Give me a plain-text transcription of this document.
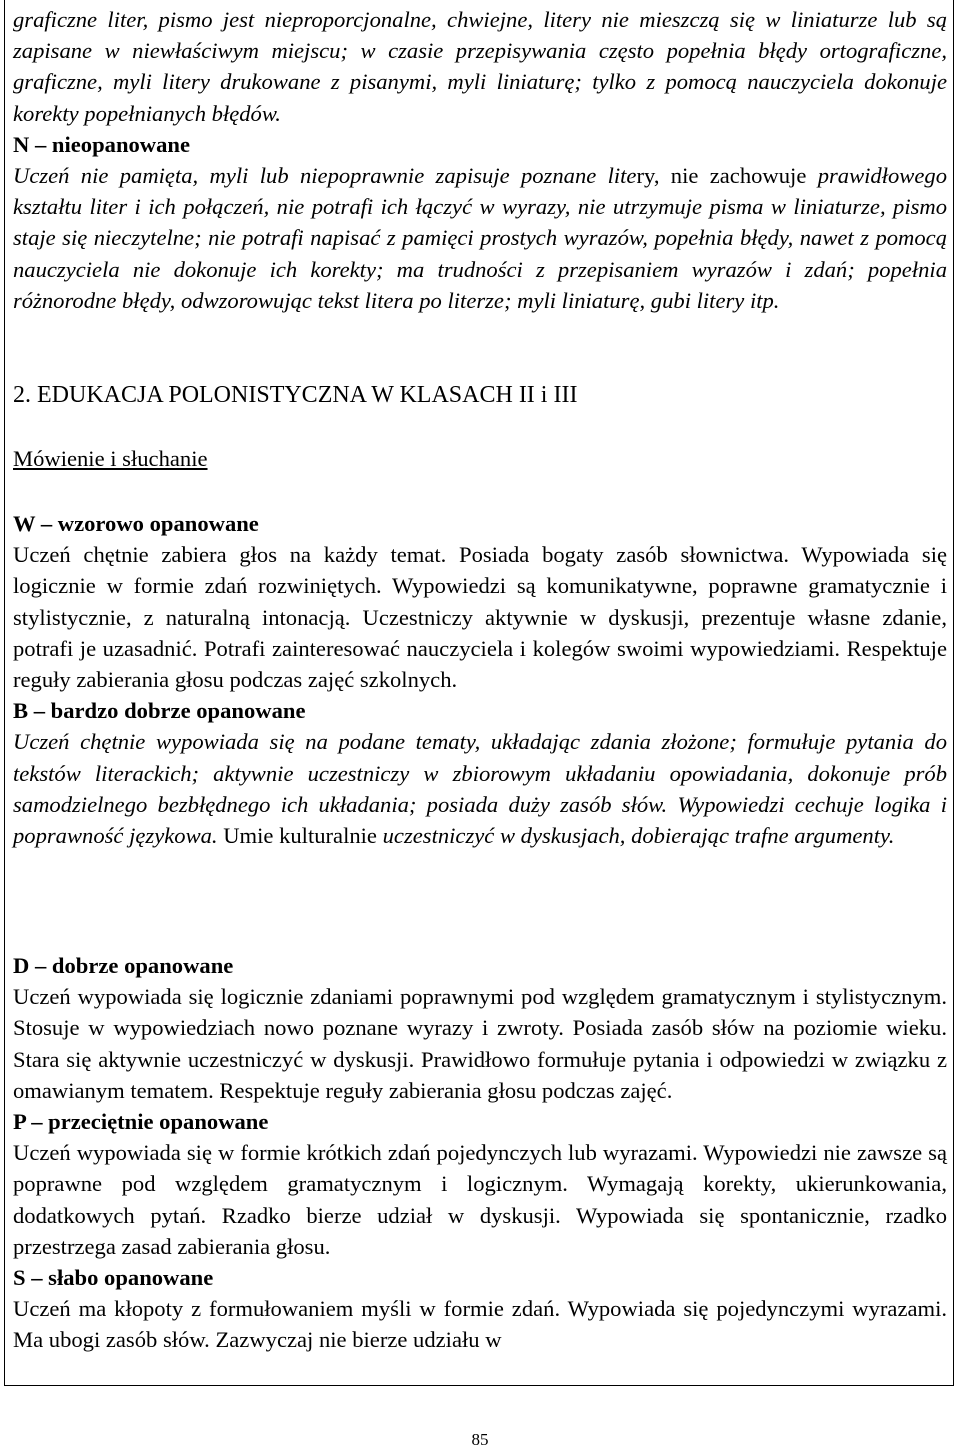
graficzne liter, pismo jest nieproporcjonalne, chwiejne, litery nie mieszczą się w liniaturze lub są zapisane w niewłaściwym miejscu; w czasie przepisywania często popełnia błędy ortograficzne, graficzne, myli litery drukowane z pisanymi, myli liniaturę; tylko z pomocą nauczyciela dokonuje korekty popełnianych błędów.

N – nieopanowane

Uczeń nie pamięta, myli lub niepoprawnie zapisuje poznane litery, nie zachowuje prawidłowego kształtu liter i ich połączeń, nie potrafi ich łączyć w wyrazy, nie utrzymuje pisma w liniaturze, pismo staje się nieczytelne; nie potrafi napisać z pamięci prostych wyrazów, popełnia błędy, nawet z pomocą nauczyciela nie dokonuje ich korekty; ma trudności z przepisaniem wyrazów i zdań; popełnia różnorodne błędy, odwzorowując tekst litera po literze; myli liniaturę, gubi litery itp.

2. EDUKACJA POLONISTYCZNA W KLASACH II i III

Mówienie i słuchanie

W – wzorowo opanowane

Uczeń chętnie zabiera głos na każdy temat. Posiada bogaty zasób słownictwa. Wypowiada się logicznie w formie zdań rozwiniętych. Wypowiedzi są komunikatywne, poprawne gramatycznie i stylistycznie, z naturalną intonacją. Uczestniczy aktywnie w dyskusji, prezentuje własne zdanie, potrafi je uzasadnić. Potrafi zainteresować nauczyciela i kolegów swoimi wypowiedziami. Respektuje reguły zabierania głosu podczas zajęć szkolnych.

B – bardzo dobrze opanowane

Uczeń chętnie wypowiada się na podane tematy, układając zdania złożone; formułuje pytania do tekstów literackich; aktywnie uczestniczy w zbiorowym układaniu opowiadania, dokonuje prób samodzielnego bezbłędnego ich układania; posiada duży zasób słów. Wypowiedzi cechuje logika i poprawność językowa. Umie kulturalnie uczestniczyć w dyskusjach, dobierając trafne argumenty.

D – dobrze opanowane

Uczeń wypowiada się logicznie zdaniami poprawnymi pod względem gramatycznym i stylistycznym. Stosuje w wypowiedziach nowo poznane wyrazy i zwroty. Posiada zasób słów na poziomie wieku. Stara się aktywnie uczestniczyć w dyskusji. Prawidłowo formułuje pytania i odpowiedzi w związku z omawianym tematem. Respektuje reguły zabierania głosu podczas zajęć.

P – przeciętnie opanowane

Uczeń wypowiada się w formie krótkich zdań pojedynczych lub wyrazami. Wypowiedzi nie zawsze są poprawne pod względem gramatycznym i logicznym. Wymagają korekty, ukierunkowania, dodatkowych pytań. Rzadko bierze udział w dyskusji. Wypowiada się spontanicznie, rzadko przestrzega zasad zabierania głosu.

S – słabo opanowane

Uczeń ma kłopoty z formułowaniem myśli w formie zdań. Wypowiada się pojedynczymi wyrazami. Ma ubogi zasób słów. Zazwyczaj nie bierze udziału w

85
